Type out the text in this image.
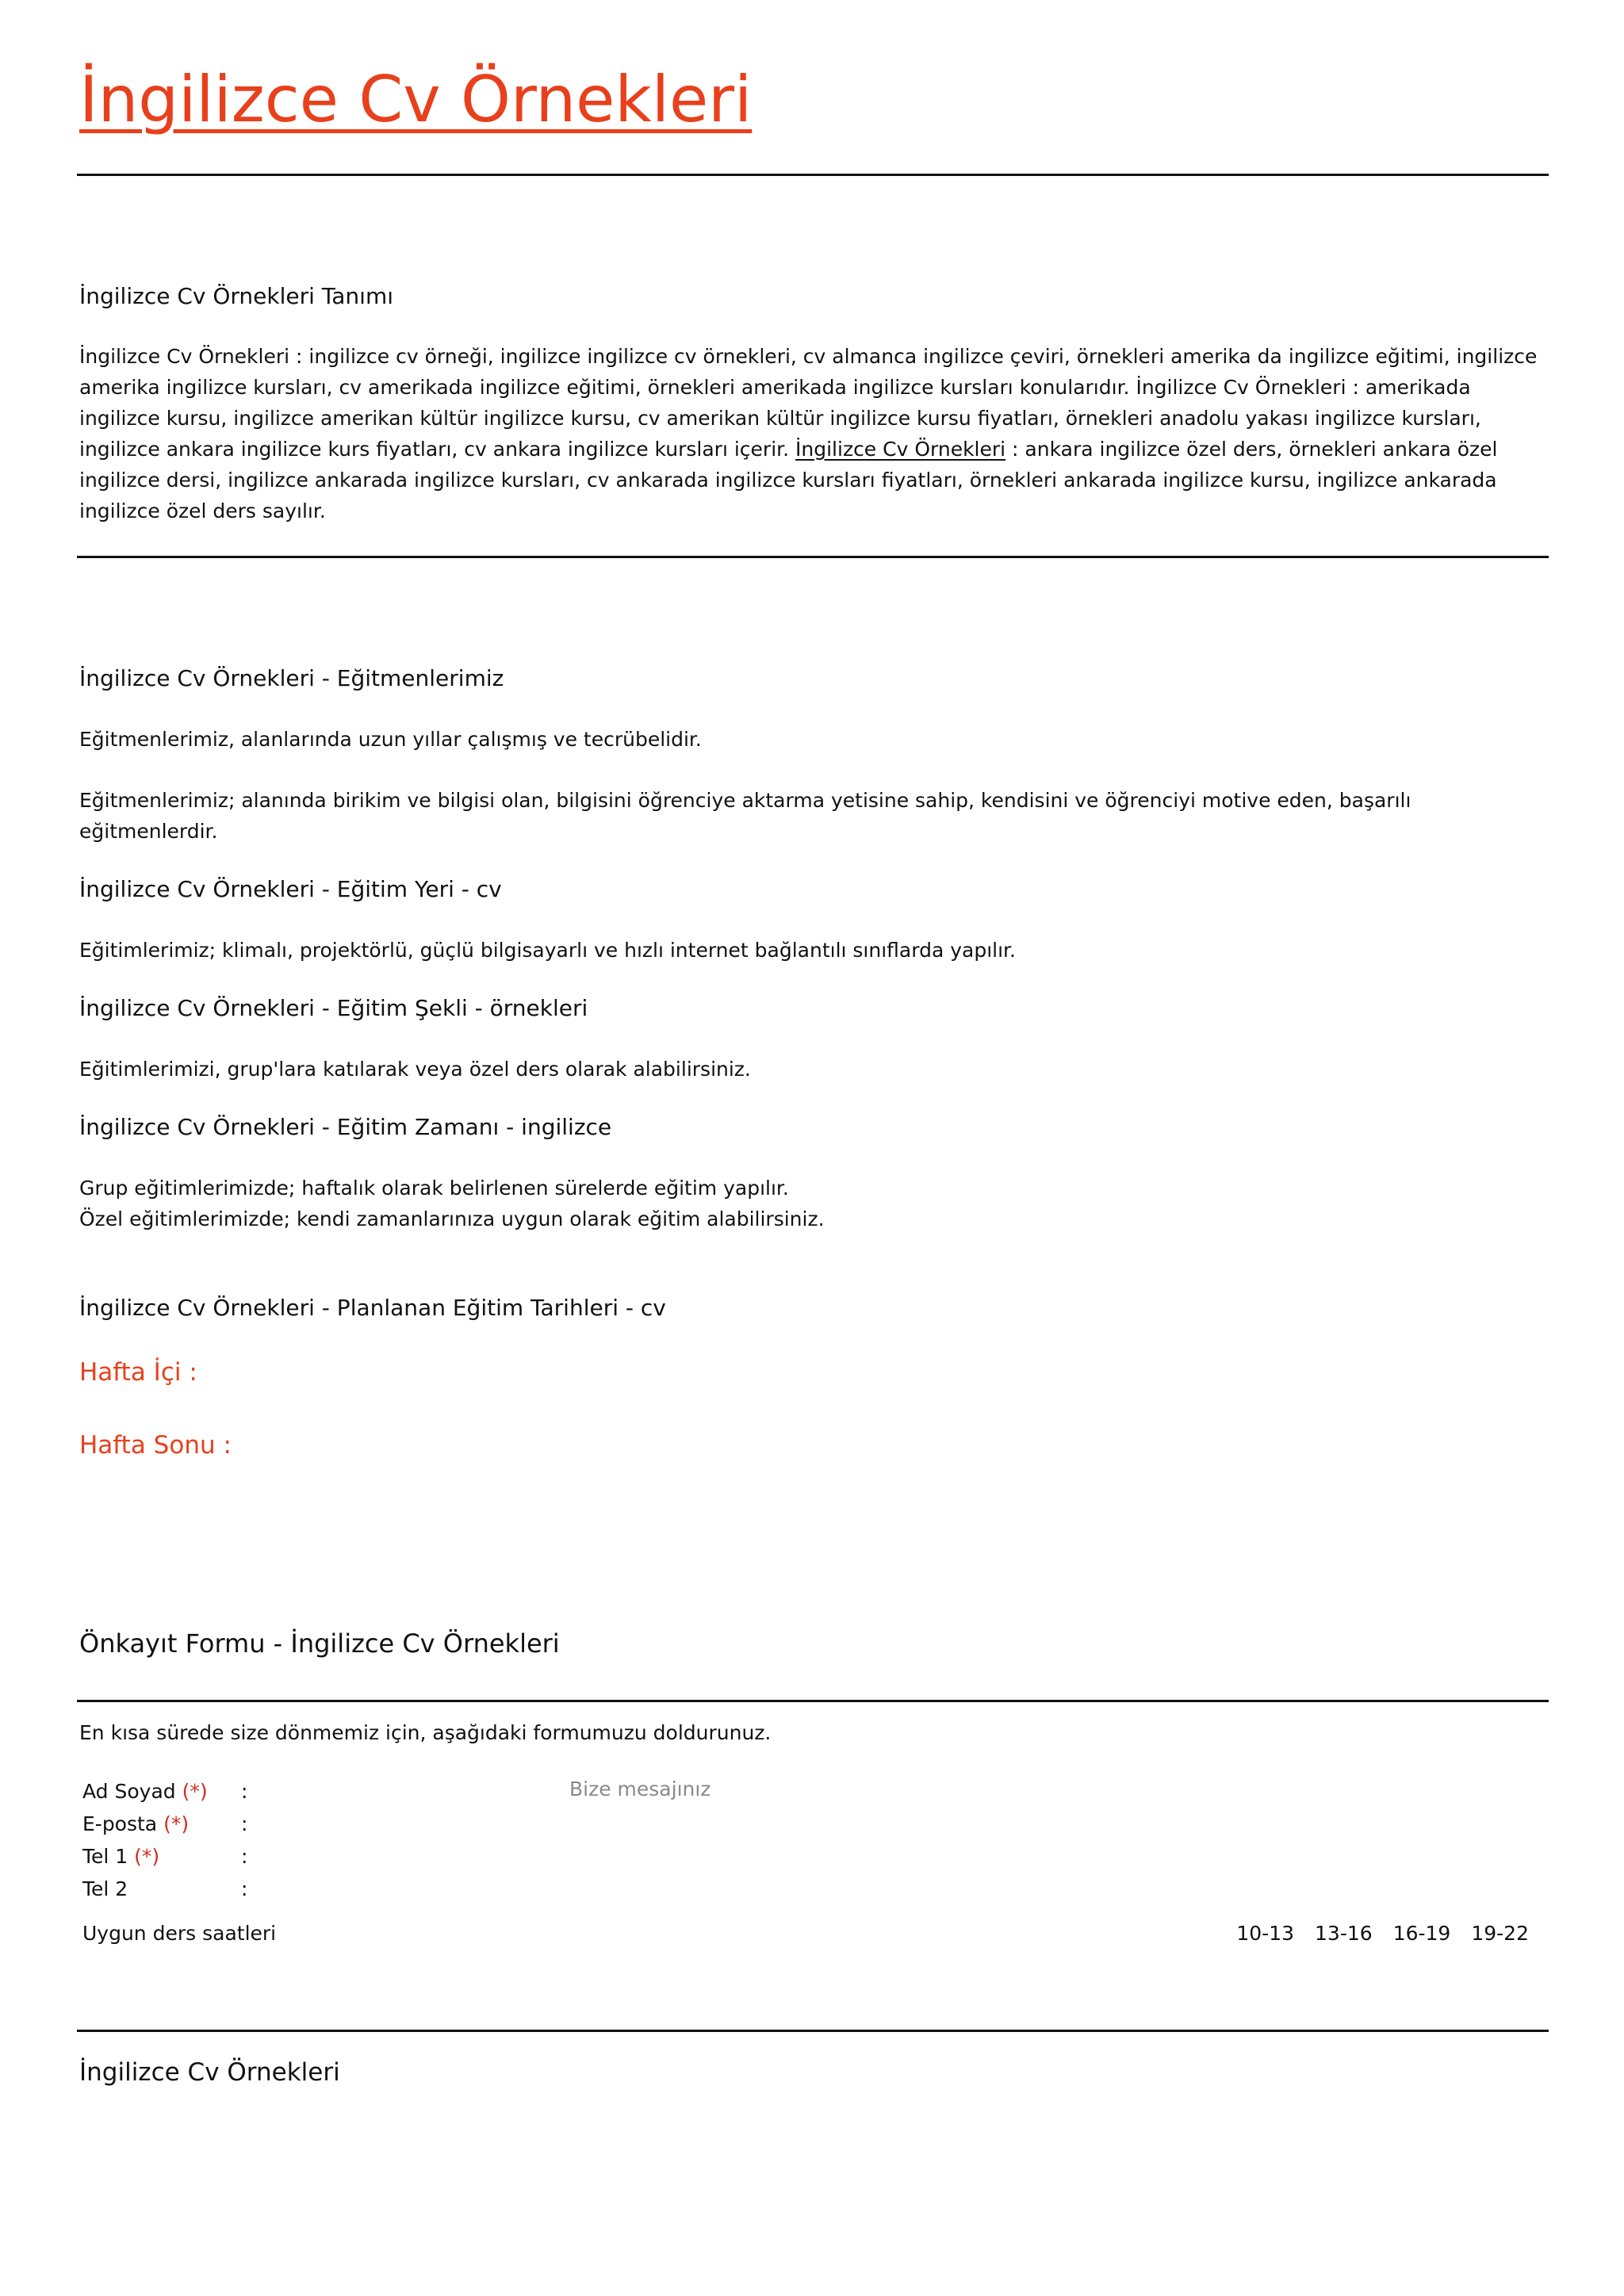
İngilizce Cv Örnekleri
İngilizce Cv Örnekleri Tanımı
İngilizce Cv Örnekleri : ingilizce cv örneği, ingilizce ingilizce cv örnekleri, cv almanca ingilizce çeviri, örnekleri amerika da ingilizce eğitimi, ingilizce amerika ingilizce kursları, cv amerikada ingilizce eğitimi, örnekleri amerikada ingilizce kursları konularıdır. İngilizce Cv Örnekleri : amerikada ingilizce kursu, ingilizce amerikan kültür ingilizce kursu, cv amerikan kültür ingilizce kursu fiyatları, örnekleri anadolu yakası ingilizce kursları, ingilizce ankara ingilizce kurs fiyatları, cv ankara ingilizce kursları içerir. İngilizce Cv Örnekleri : ankara ingilizce özel ders, örnekleri ankara özel ingilizce dersi, ingilizce ankarada ingilizce kursları, cv ankarada ingilizce kursları fiyatları, örnekleri ankarada ingilizce kursu, ingilizce ankarada ingilizce özel ders sayılır.
İngilizce Cv Örnekleri - Eğitmenlerimiz
Eğitmenlerimiz, alanlarında uzun yıllar çalışmış ve tecrübelidir.
Eğitmenlerimiz; alanında birikim ve bilgisi olan, bilgisini öğrenciye aktarma yetisine sahip, kendisini ve öğrenciyi motive eden, başarılı eğitmenlerdir.
İngilizce Cv Örnekleri - Eğitim Yeri - cv
Eğitimlerimiz; klimalı, projektörlü, güçlü bilgisayarlı ve hızlı internet bağlantılı sınıflarda yapılır.
İngilizce Cv Örnekleri - Eğitim Şekli - örnekleri
Eğitimlerimizi, grup'lara katılarak veya özel ders olarak alabilirsiniz.
İngilizce Cv Örnekleri - Eğitim Zamanı - ingilizce
Grup eğitimlerimizde; haftalık olarak belirlenen sürelerde eğitim yapılır.
Özel eğitimlerimizde; kendi zamanlarınıza uygun olarak eğitim alabilirsiniz.
İngilizce Cv Örnekleri - Planlanan Eğitim Tarihleri - cv
Hafta İçi :
Hafta Sonu :
Önkayıt Formu - İngilizce Cv Örnekleri
En kısa sürede size dönmemiz için, aşağıdaki formumuzu doldurunuz.
Ad Soyad (*) :
E-posta (*)	:
Tel 1 (*)	:
Tel 2	:
Bize mesajınız
Uygun ders saatleri	10-13 13-16 16-19 19-22
İngilizce Cv Örnekleri
